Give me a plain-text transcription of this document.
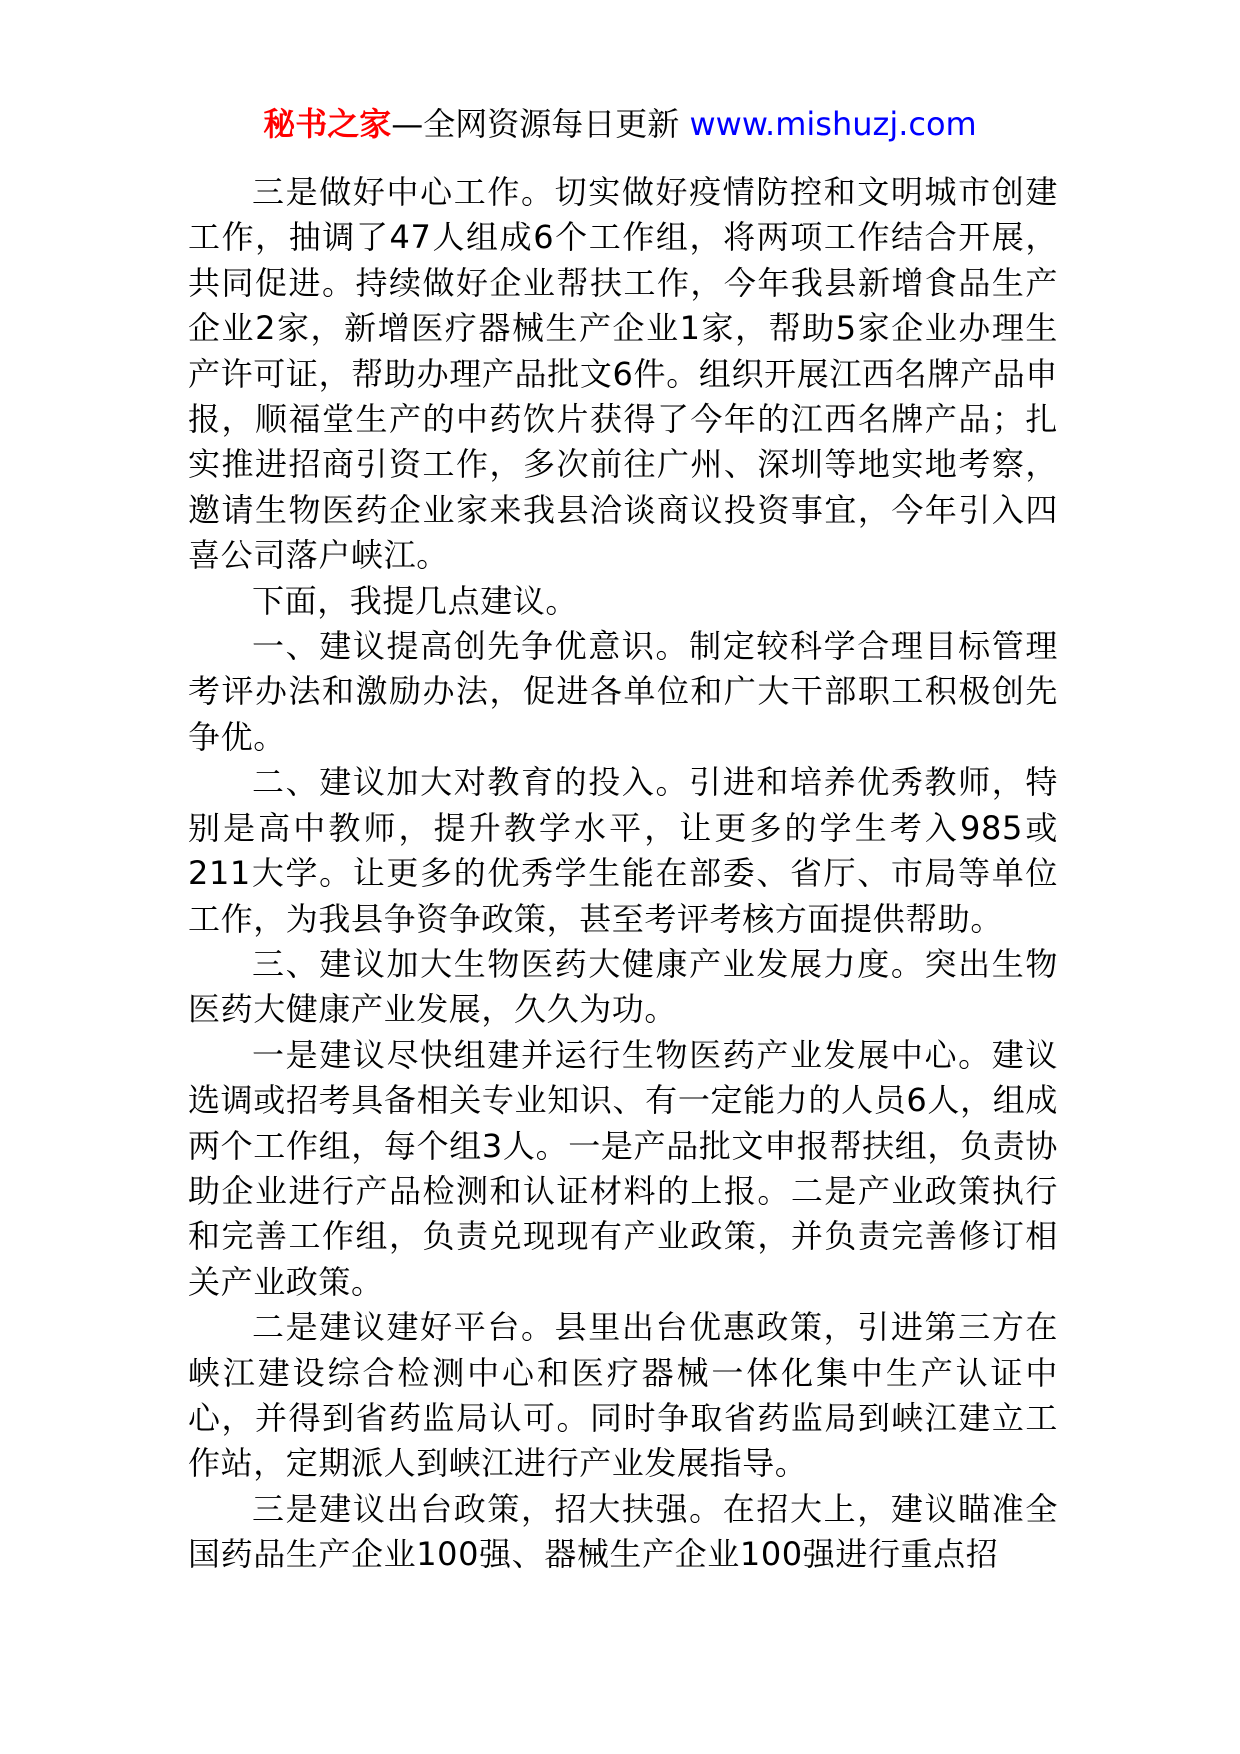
秘书之家—全网资源每日更新 www.mishuzj.com

三是做好中心工作。切实做好疫情防控和文明城市创建工作，抽调了47人组成6个工作组，将两项工作结合开展，共同促进。持续做好企业帮扶工作，今年我县新增食品生产企业2家，新增医疗器械生产企业1家，帮助5家企业办理生产许可证，帮助办理产品批文6件。组织开展江西名牌产品申报，顺福堂生产的中药饮片获得了今年的江西名牌产品；扎实推进招商引资工作，多次前往广州、深圳等地实地考察，邀请生物医药企业家来我县洽谈商议投资事宜，今年引入四喜公司落户峡江。

下面，我提几点建议。

一、建议提高创先争优意识。制定较科学合理目标管理考评办法和激励办法，促进各单位和广大干部职工积极创先争优。

二、建议加大对教育的投入。引进和培养优秀教师，特别是高中教师，提升教学水平，让更多的学生考入985或211大学。让更多的优秀学生能在部委、省厅、市局等单位工作，为我县争资争政策，甚至考评考核方面提供帮助。

三、建议加大生物医药大健康产业发展力度。突出生物医药大健康产业发展，久久为功。

一是建议尽快组建并运行生物医药产业发展中心。建议选调或招考具备相关专业知识、有一定能力的人员6人，组成两个工作组，每个组3人。一是产品批文申报帮扶组，负责协助企业进行产品检测和认证材料的上报。二是产业政策执行和完善工作组，负责兑现现有产业政策，并负责完善修订相关产业政策。

二是建议建好平台。县里出台优惠政策，引进第三方在峡江建设综合检测中心和医疗器械一体化集中生产认证中心，并得到省药监局认可。同时争取省药监局到峡江建立工作站，定期派人到峡江进行产业发展指导。

三是建议出台政策，招大扶强。在招大上，建议瞄准全国药品生产企业100强、器械生产企业100强进行重点招
